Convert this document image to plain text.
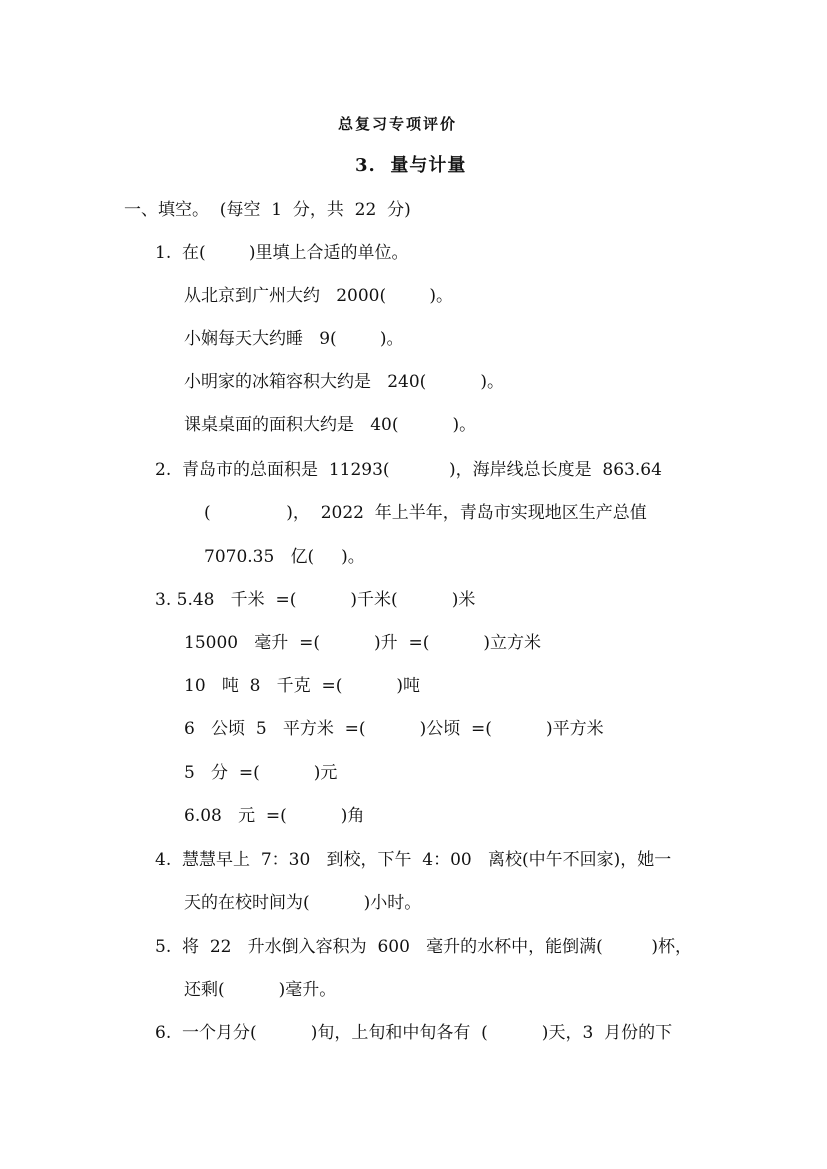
总复习专项评价
3.  量与计量
一、填空。  (每空  1  分，共  22  分)
1.  在(        )里填上合适的单位。
从北京到广州大约   2000(        )。
小娴每天大约睡   9(        )。
小明家的冰箱容积大约是   240(          )。
课桌桌面的面积大约是   40(          )。
2.  青岛市的总面积是  11293(           )，海岸线总长度是  863.64
(              )，  2022  年上半年，青岛市实现地区生产总值
7070.35   亿(     )。
3. 5.48   千米  =(          )千米(          )米
15000   毫升  =(          )升  =(          )立方米
10   吨  8   千克  =(          )吨
6   公顷  5   平方米  =(          )公顷  =(          )平方米
5   分  =(          )元
6.08   元  =(          )角
4.  慧慧早上  7：30   到校，下午  4：00   离校(中午不回家)，她一
天的在校时间为(          )小时。
5.  将  22   升水倒入容积为  600   毫升的水杯中，能倒满(         )杯，
还剩(          )毫升。
6.  一个月分(          )旬，上旬和中旬各有  (          )天，3  月份的下
